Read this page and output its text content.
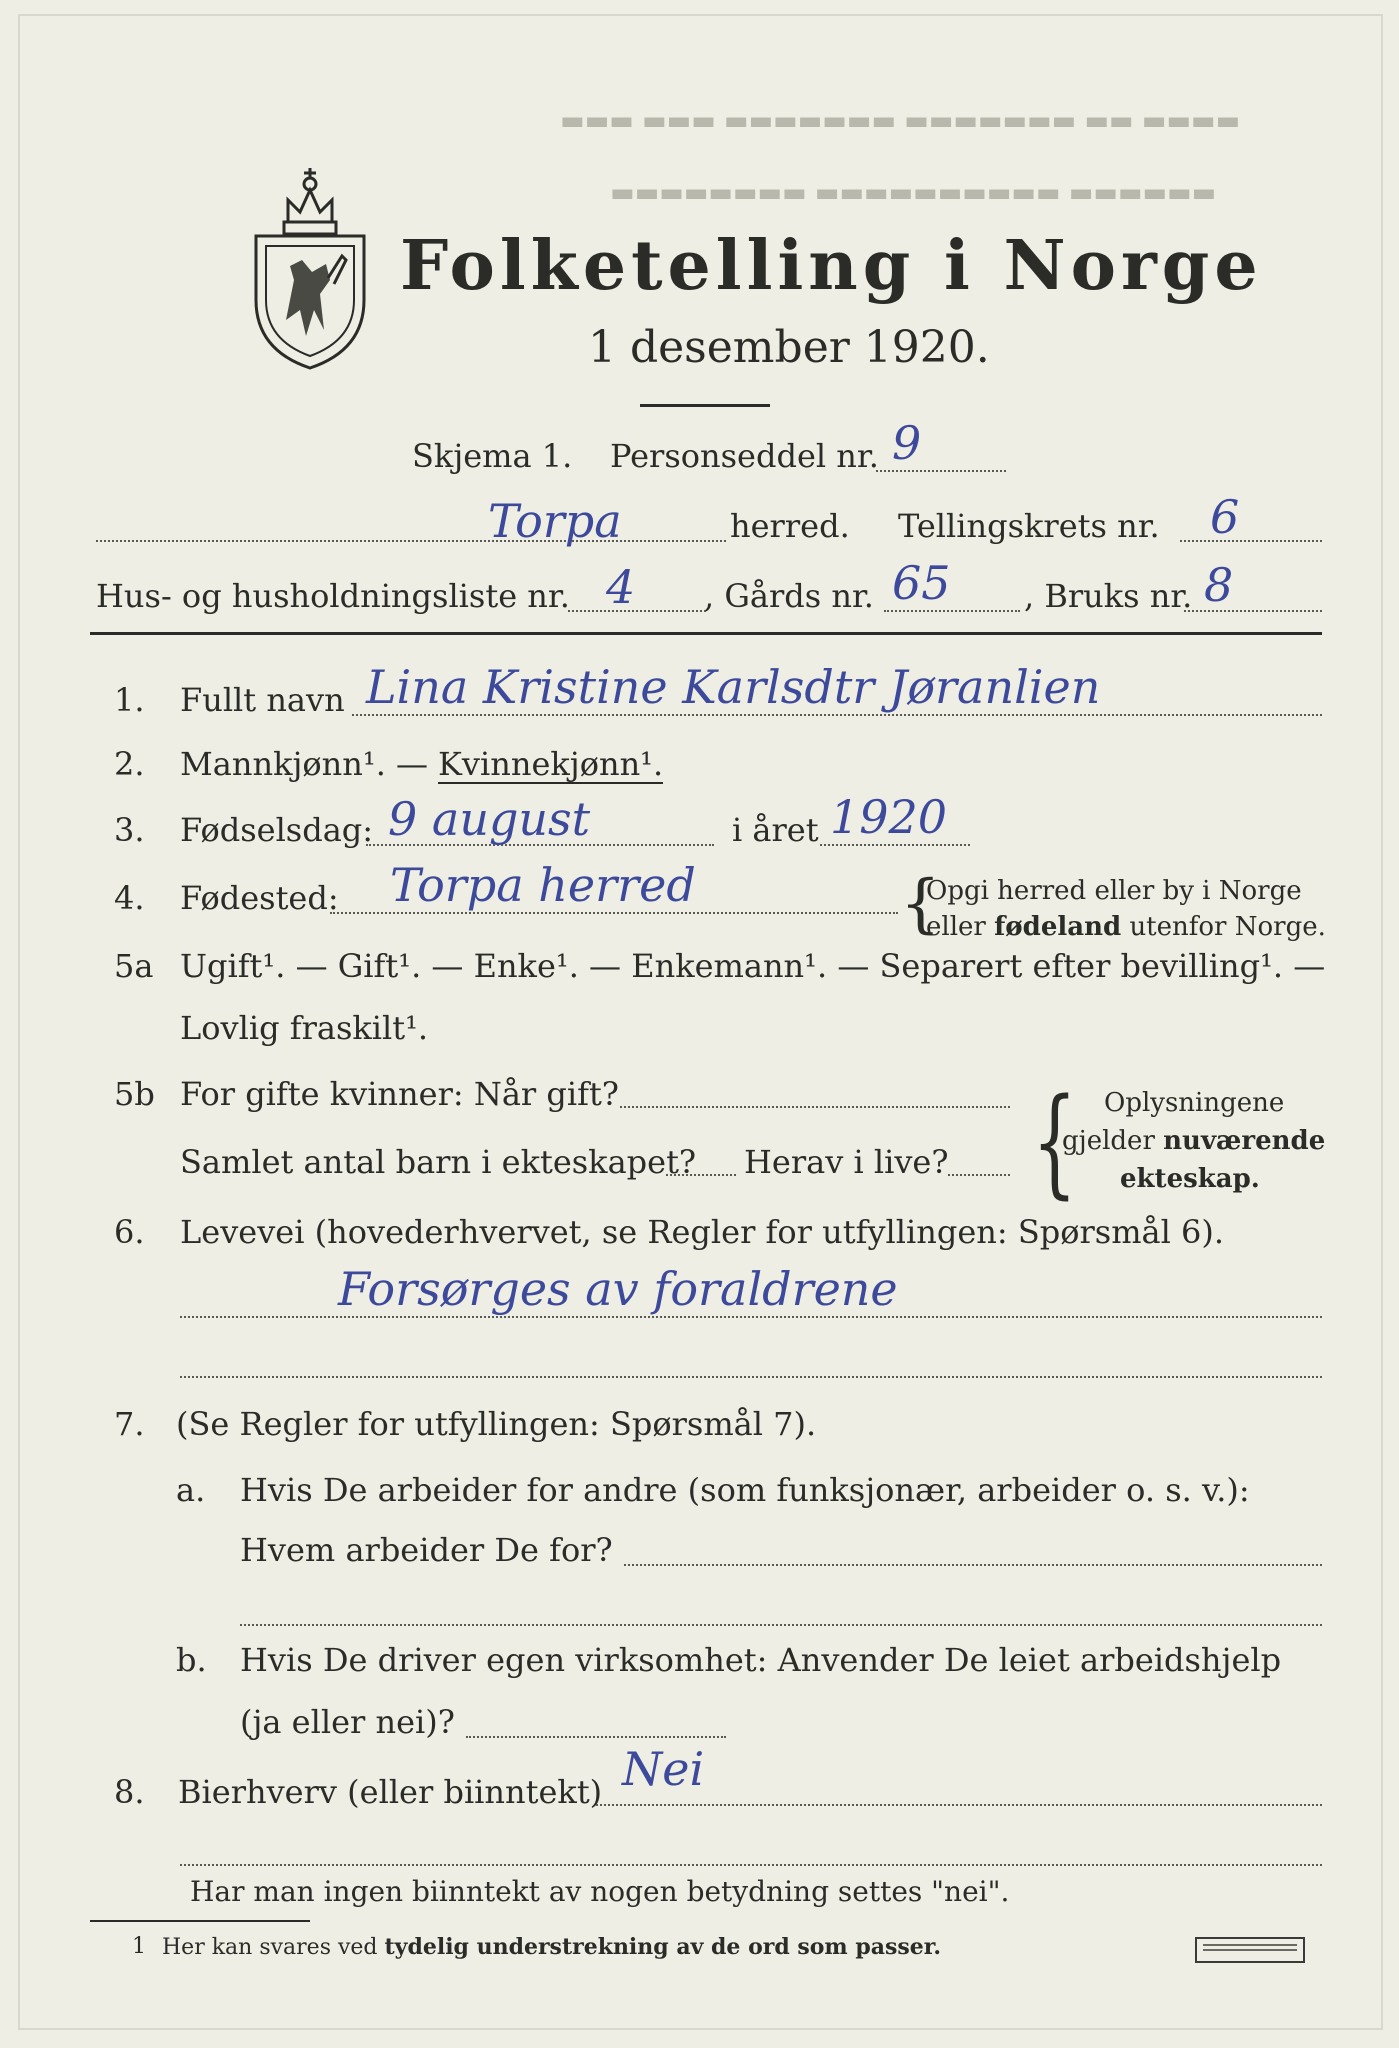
▬▬▬ ▬▬▬ ▬▬▬▬▬▬▬ ▬▬▬▬▬▬▬ ▬▬ ▬▬▬▬
▬▬▬▬▬▬▬▬ ▬▬▬▬▬▬▬▬▬▬ ▬▬▬▬▬▬
Folketelling i Norge
1 desember 1920.
Skjema 1. Personseddel nr. 9
Torpa	herred. Tellingskrets nr. 6
Hus- og husholdningsliste nr. 4 , Gårds nr. 65 , Bruks nr. 8
1. Fullt navn Lina Kristine Karlsdtr Jøranlien
2. Mannkjønn¹. — Kvinnekjønn¹.
3. Fødselsdag: 9 august	i året 1920
4. Fødested: Torpa herred	{
Opgi herred eller by i Norge
eller fødeland utenfor Norge.
5a Ugift¹. — Gift¹. — Enke¹. — Enkemann¹. — Separert efter bevilling¹. —
Lovlig fraskilt¹.
5b For gifte kvinner: Når gift?
Samlet antal barn i ekteskapet? Herav i live? { Oplysningene
gjelder nuværende
ekteskap.
6. Levevei (hovederhvervet, se Regler for utfyllingen: Spørsmål 6).
Forsørges av foraldrene
7. (Se Regler for utfyllingen: Spørsmål 7).
a. Hvis De arbeider for andre (som funksjonær, arbeider o. s. v.):
Hvem arbeider De for?
b. Hvis De driver egen virksomhet: Anvender De leiet arbeidshjelp
(ja eller nei)?
8. Bierhverv (eller biinntekt) Nei
Har man ingen biinntekt av nogen betydning settes "nei".
1 Her kan svares ved tydelig understrekning av de ord som passer.
